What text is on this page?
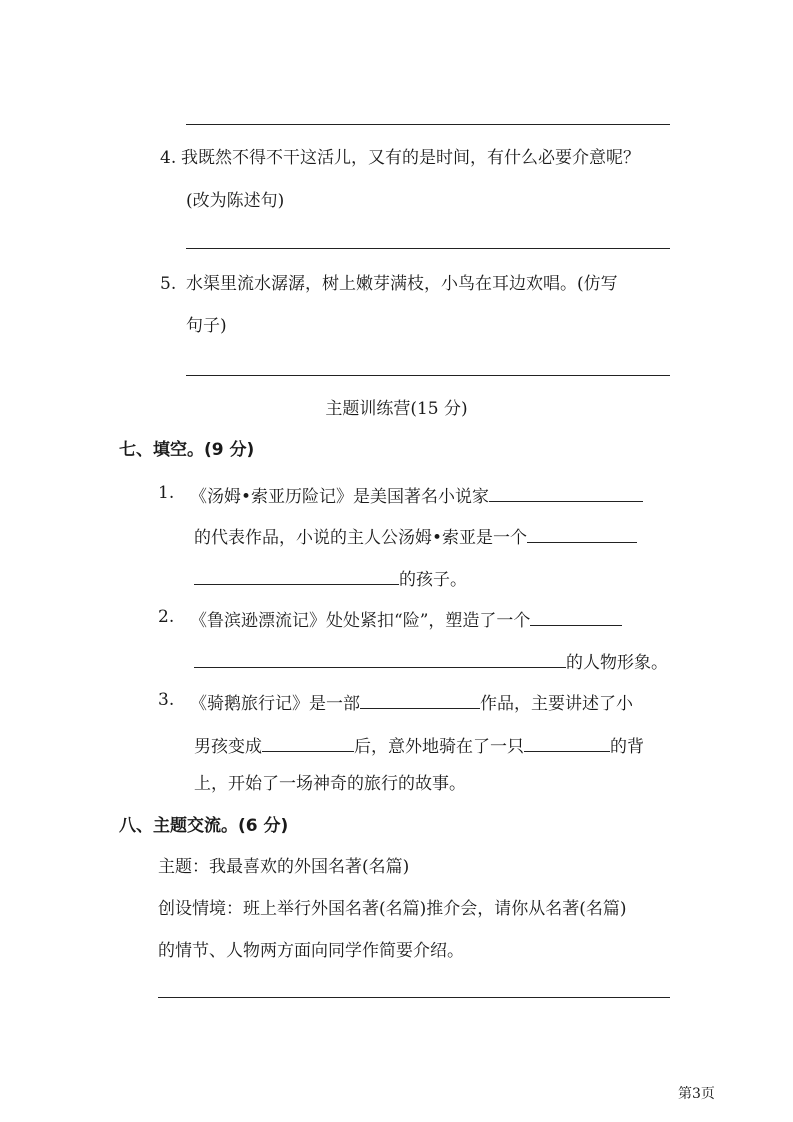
4. 我既然不得不干这活儿，又有的是时间，有什么必要介意呢？
(改为陈述句)
5. 水渠里流水潺潺，树上嫩芽满枝，小鸟在耳边欢唱。(仿写
句子)
主题训练营(15 分)
七、填空。(9 分)
1. 《汤姆•索亚历险记》是美国著名小说家
的代表作品，小说的主人公汤姆•索亚是一个
的孩子。
2. 《鲁滨逊漂流记》处处紧扣“险”，塑造了一个
的人物形象。
3. 《骑鹅旅行记》是一部	作品，主要讲述了小
男孩变成	后，意外地骑在了一只	的背
上，开始了一场神奇的旅行的故事。
八、主题交流。(6 分)
主题：我最喜欢的外国名著(名篇)
创设情境：班上举行外国名著(名篇)推介会，请你从名著(名篇)
的情节、人物两方面向同学作简要介绍。
第3页
